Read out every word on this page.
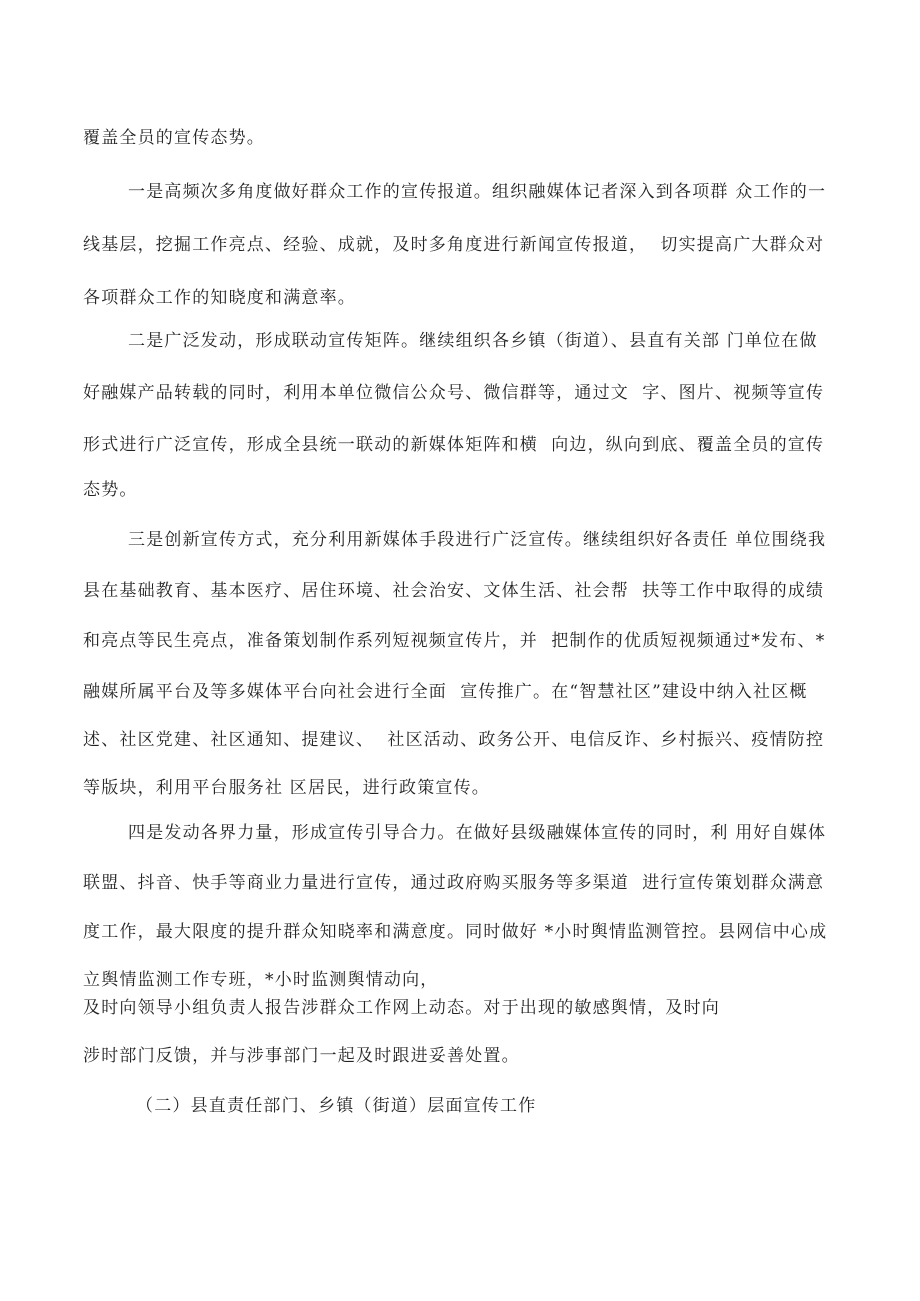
覆盖全员的宣传态势。
一是高频次多角度做好群众工作的宣传报道。组织融媒体记者深入到各项群 众工作的一
线基层，挖掘工作亮点、经验、成就，及时多角度进行新闻宣传报道，  切实提高广大群众对
各项群众工作的知晓度和满意率。
二是广泛发动，形成联动宣传矩阵。继续组织各乡镇（街道）、县直有关部 门单位在做
好融媒产品转载的同时，利用本单位微信公众号、微信群等，通过文  字、图片、视频等宣传
形式进行广泛宣传，形成全县统一联动的新媒体矩阵和横  向边，纵向到底、覆盖全员的宣传
态势。
三是创新宣传方式，充分利用新媒体手段进行广泛宣传。继续组织好各责任 单位围绕我
县在基础教育、基本医疗、居住环境、社会治安、文体生活、社会帮  扶等工作中取得的成绩
和亮点等民生亮点，准备策划制作系列短视频宣传片，并  把制作的优质短视频通过*发布、*
融媒所属平台及等多媒体平台向社会进行全面  宣传推广。在“智慧社区”建设中纳入社区概
述、社区党建、社区通知、提建议、  社区活动、政务公开、电信反诈、乡村振兴、疫情防控
等版块，利用平台服务社 区居民，进行政策宣传。
四是发动各界力量，形成宣传引导合力。在做好县级融媒体宣传的同时，利 用好自媒体
联盟、抖音、快手等商业力量进行宣传，通过政府购买服务等多渠道  进行宣传策划群众满意
度工作，最大限度的提升群众知晓率和满意度。同时做好 *小时舆情监测管控。县网信中心成
立舆情监测工作专班，*小时监测舆情动向，
及时向领导小组负责人报告涉群众工作网上动态。对于出现的敏感舆情，及时向
涉时部门反馈，并与涉事部门一起及时跟进妥善处置。
（二）县直责任部门、乡镇（街道）层面宣传工作
